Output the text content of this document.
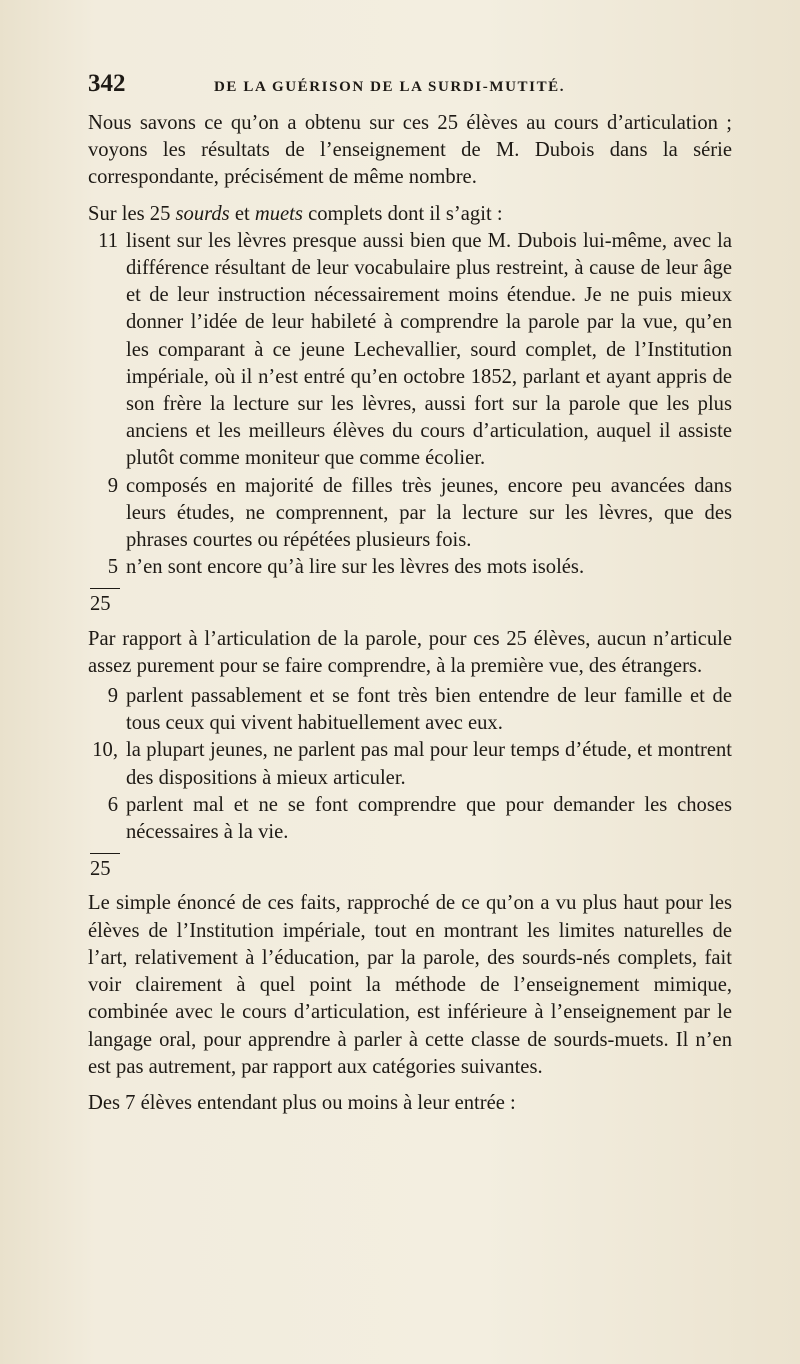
342	DE LA GUÉRISON DE LA SURDI-MUTITÉ.

Nous savons ce qu’on a obtenu sur ces 25 élèves au cours d’articulation ; voyons les résultats de l’enseignement de M. Dubois dans la série correspondante, précisément de même nombre.

Sur les 25 sourds et muets complets dont il s’agit :

11 lisent sur les lèvres presque aussi bien que M. Dubois lui-même, avec la différence résultant de leur vocabulaire plus restreint, à cause de leur âge et de leur instruction nécessairement moins étendue. Je ne puis mieux donner l’idée de leur habileté à comprendre la parole par la vue, qu’en les comparant à ce jeune Lechevallier, sourd complet, de l’Institution impériale, où il n’est entré qu’en octobre 1852, parlant et ayant appris de son frère la lecture sur les lèvres, aussi fort sur la parole que les plus anciens et les meilleurs élèves du cours d’articulation, auquel il assiste plutôt comme moniteur que comme écolier.
9 composés en majorité de filles très jeunes, encore peu avancées dans leurs études, ne comprennent, par la lecture sur les lèvres, que des phrases courtes ou répétées plusieurs fois.
5 n’en sont encore qu’à lire sur les lèvres des mots isolés.
25

Par rapport à l’articulation de la parole, pour ces 25 élèves, aucun n’articule assez purement pour se faire comprendre, à la première vue, des étrangers.

9 parlent passablement et se font très bien entendre de leur famille et de tous ceux qui vivent habituellement avec eux.
10, la plupart jeunes, ne parlent pas mal pour leur temps d’étude, et montrent des dispositions à mieux articuler.
6 parlent mal et ne se font comprendre que pour demander les choses nécessaires à la vie.
25

Le simple énoncé de ces faits, rapproché de ce qu’on a vu plus haut pour les élèves de l’Institution impériale, tout en montrant les limites naturelles de l’art, relativement à l’éducation, par la parole, des sourds-nés complets, fait voir clairement à quel point la méthode de l’enseignement mimique, combinée avec le cours d’articulation, est inférieure à l’enseignement par le langage oral, pour apprendre à parler à cette classe de sourds-muets. Il n’en est pas autrement, par rapport aux catégories suivantes.

Des 7 élèves entendant plus ou moins à leur entrée :
